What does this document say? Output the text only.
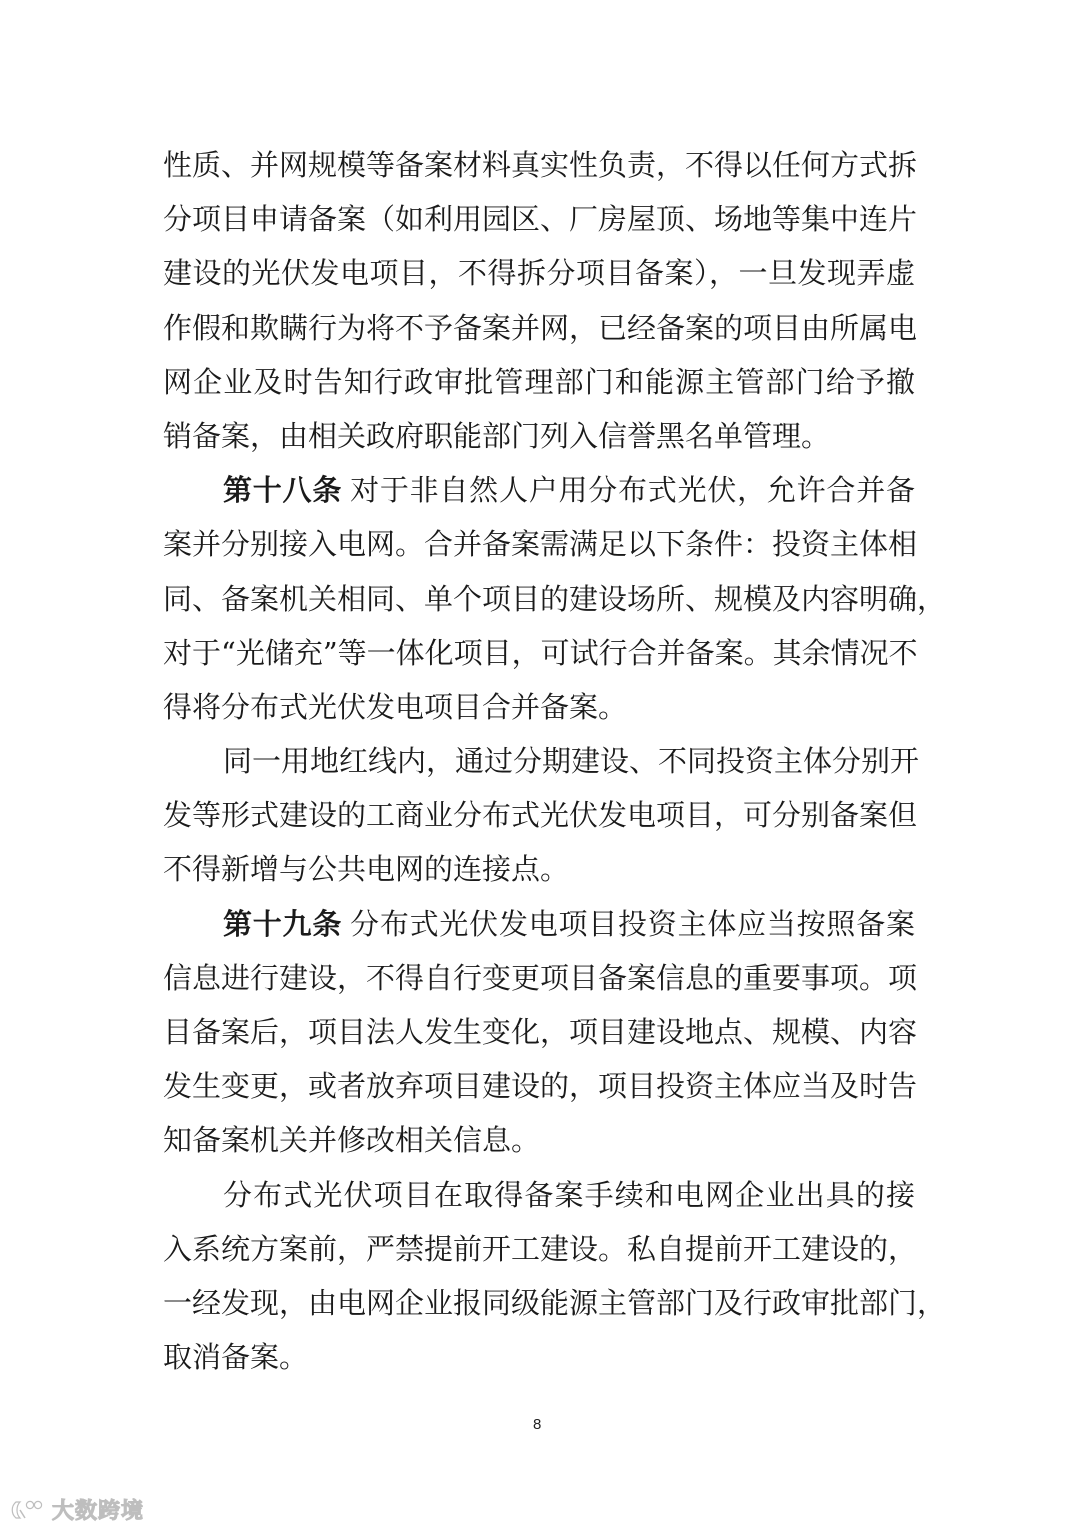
性质、并网规模等备案材料真实性负责，不得以任何方式拆
分项目申请备案（如利用园区、厂房屋顶、场地等集中连片
建设的光伏发电项目，不得拆分项目备案），一旦发现弄虚
作假和欺瞒行为将不予备案并网，已经备案的项目由所属电
网企业及时告知行政审批管理部门和能源主管部门给予撤
销备案，由相关政府职能部门列入信誉黑名单管理。
第十八条 对于非自然人户用分布式光伏，允许合并备
案并分别接入电网。合并备案需满足以下条件：投资主体相
同、备案机关相同、单个项目的建设场所、规模及内容明确，
对于“光储充”等一体化项目，可试行合并备案。其余情况不
得将分布式光伏发电项目合并备案。
同一用地红线内，通过分期建设、不同投资主体分别开
发等形式建设的工商业分布式光伏发电项目，可分别备案但
不得新增与公共电网的连接点。
第十九条 分布式光伏发电项目投资主体应当按照备案
信息进行建设，不得自行变更项目备案信息的重要事项。项
目备案后，项目法人发生变化，项目建设地点、规模、内容
发生变更，或者放弃项目建设的，项目投资主体应当及时告
知备案机关并修改相关信息。
分布式光伏项目在取得备案手续和电网企业出具的接
入系统方案前，严禁提前开工建设。私自提前开工建设的，
一经发现，由电网企业报同级能源主管部门及行政审批部门，
取消备案。
8
大数跨境
